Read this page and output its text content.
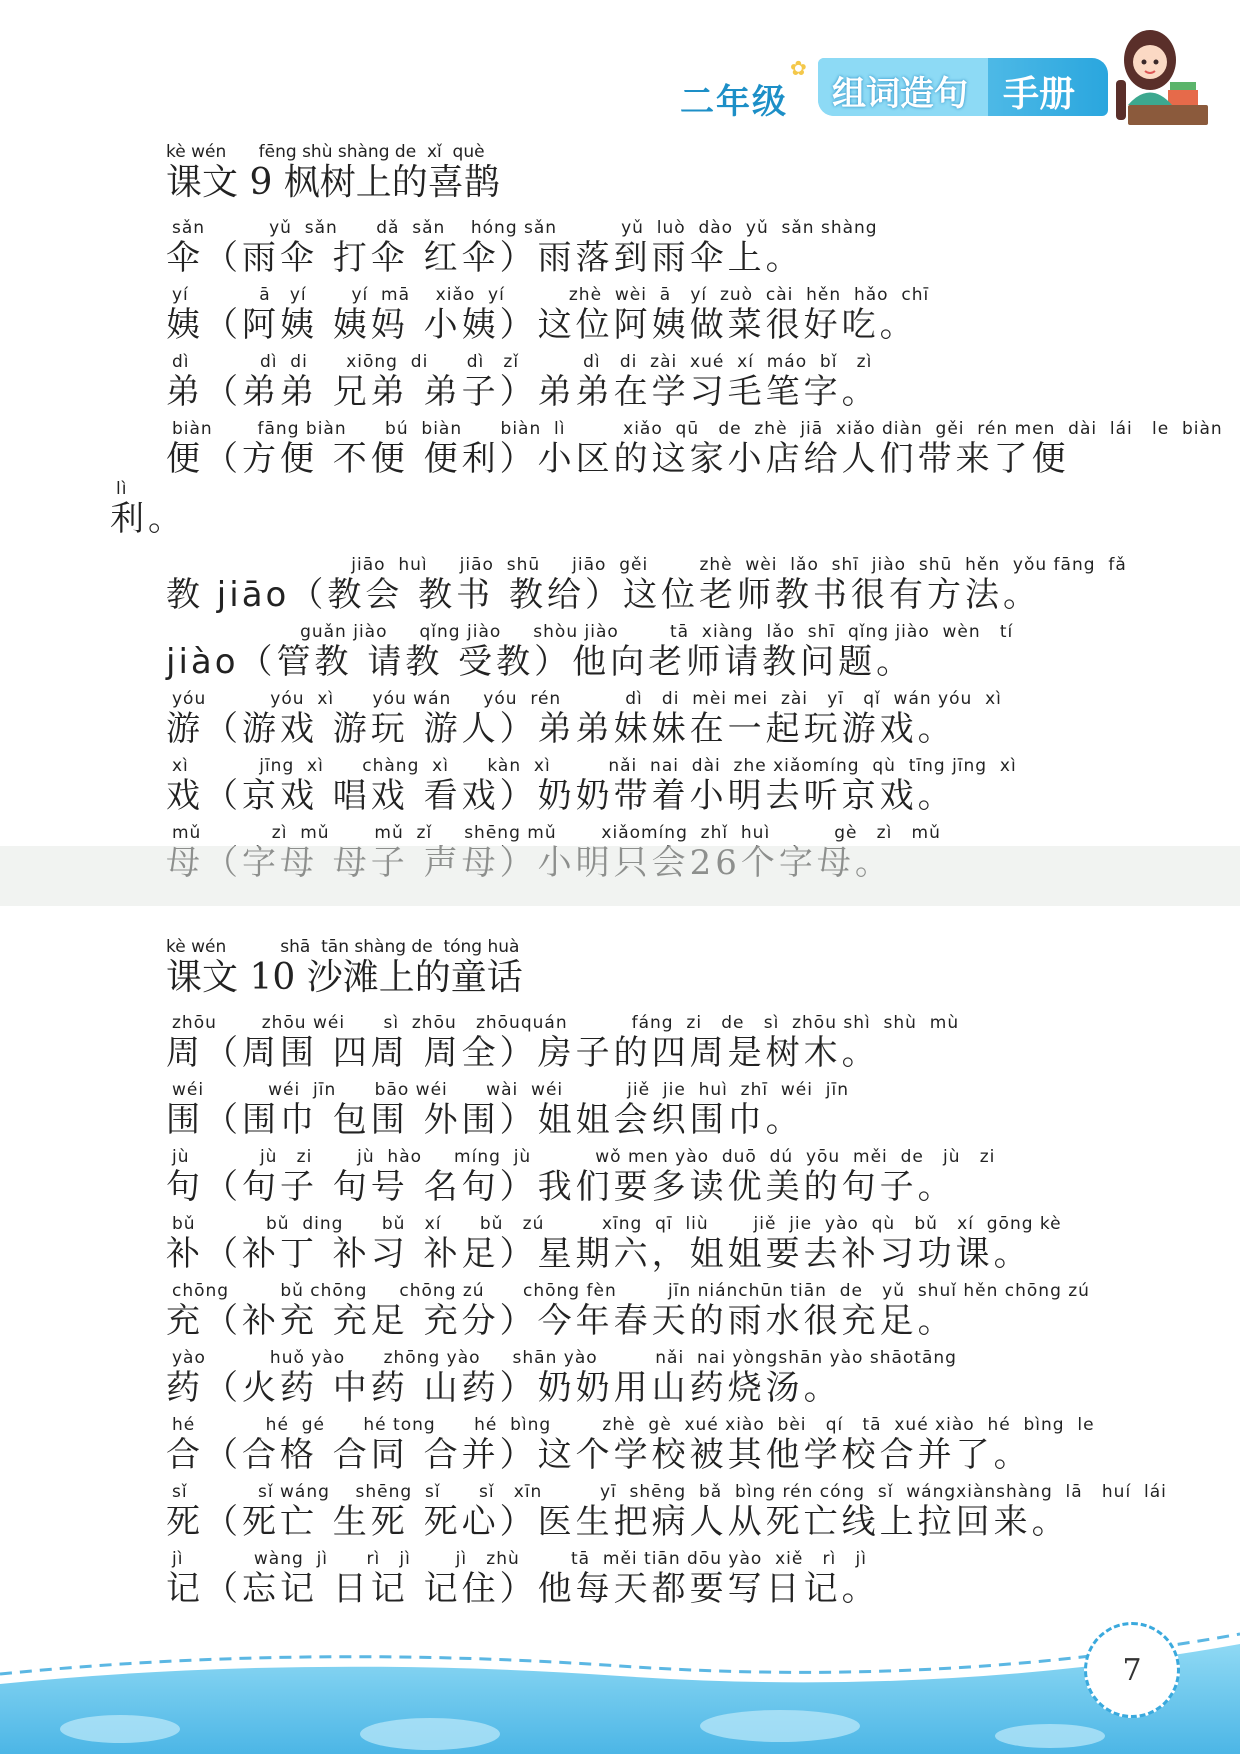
二年级
✿
组词造句 手册
kè wén      fēng shù shàng de  xǐ  què
课文 9 枫树上的喜鹊
sǎn          yǔ  sǎn      dǎ  sǎn    hóng sǎn          yǔ  luò  dào  yǔ  sǎn shàng
伞（雨伞 打伞 红伞）雨落到雨伞上。
yí           ā   yí       yí  mā    xiǎo  yí          zhè  wèi  ā   yí  zuò  cài  hěn  hǎo  chī
姨（阿姨 姨妈 小姨）这位阿姨做菜很好吃。
dì           dì  di      xiōng  di      dì   zǐ          dì   di  zài  xué  xí  máo  bǐ   zì
弟（弟弟 兄弟 弟子）弟弟在学习毛笔字。
biàn       fāng biàn      bú  biàn      biàn  lì         xiǎo  qū   de  zhè  jiā  xiǎo diàn  gěi  rén men  dài  lái   le  biàn
便（方便 不便 便利）小区的这家小店给人们带来了便
lì
利。
jiāo  huì     jiāo  shū     jiāo  gěi        zhè  wèi  lǎo  shī  jiào  shū  hěn  yǒu fāng  fǎ
教 jiāo（教会 教书 教给）这位老师教书很有方法。
guǎn jiào     qǐng jiào     shòu jiào        tā  xiàng  lǎo  shī  qǐng jiào  wèn   tí
jiào（管教 请教 受教）他向老师请教问题。
yóu          yóu  xì      yóu wán     yóu  rén          dì   di  mèi mei  zài   yī   qǐ  wán yóu  xì
游（游戏 游玩 游人）弟弟妹妹在一起玩游戏。
xì           jīng  xì      chàng  xì      kàn  xì         nǎi  nai  dài  zhe xiǎomíng  qù  tīng jīng  xì
戏（京戏 唱戏 看戏）奶奶带着小明去听京戏。
mǔ           zì  mǔ       mǔ  zǐ     shēng mǔ       xiǎomíng  zhǐ  huì          gè   zì   mǔ
kè wén          shā  tān shàng de  tóng huà
课文 10 沙滩上的童话
zhōu       zhōu wéi      sì  zhōu   zhōuquán          fáng  zi   de   sì  zhōu shì  shù  mù
周（周围 四周 周全）房子的四周是树木。
wéi          wéi  jīn      bāo wéi      wài  wéi          jiě  jie  huì  zhī  wéi  jīn
围（围巾 包围 外围）姐姐会织围巾。
jù           jù   zi       jù  hào     míng  jù          wǒ men yào  duō  dú  yōu  měi  de   jù   zi
句（句子 句号 名句）我们要多读优美的句子。
bǔ           bǔ  ding      bǔ   xí      bǔ   zú         xīng  qī  liù       jiě  jie  yào  qù   bǔ   xí  gōng kè
补（补丁 补习 补足）星期六，姐姐要去补习功课。
chōng        bǔ chōng     chōng zú      chōng fèn        jīn niánchūn tiān  de   yǔ  shuǐ hěn chōng zú
充（补充 充足 充分）今年春天的雨水很充足。
yào          huǒ yào      zhōng yào     shān yào         nǎi  nai yòngshān yào shāotāng
药（火药 中药 山药）奶奶用山药烧汤。
hé           hé  gé      hé tong      hé  bìng        zhè  gè  xué xiào  bèi   qí   tā  xué xiào  hé  bìng  le
合（合格 合同 合并）这个学校被其他学校合并了。
sǐ           sǐ wáng    shēng  sǐ      sǐ   xīn         yī  shēng  bǎ  bìng rén cóng  sǐ  wángxiànshàng  lā   huí  lái
死（死亡 生死 死心）医生把病人从死亡线上拉回来。
jì           wàng  jì      rì   jì       jì   zhù        tā  měi tiān dōu yào  xiě   rì   jì
记（忘记 日记 记住）他每天都要写日记。
7
